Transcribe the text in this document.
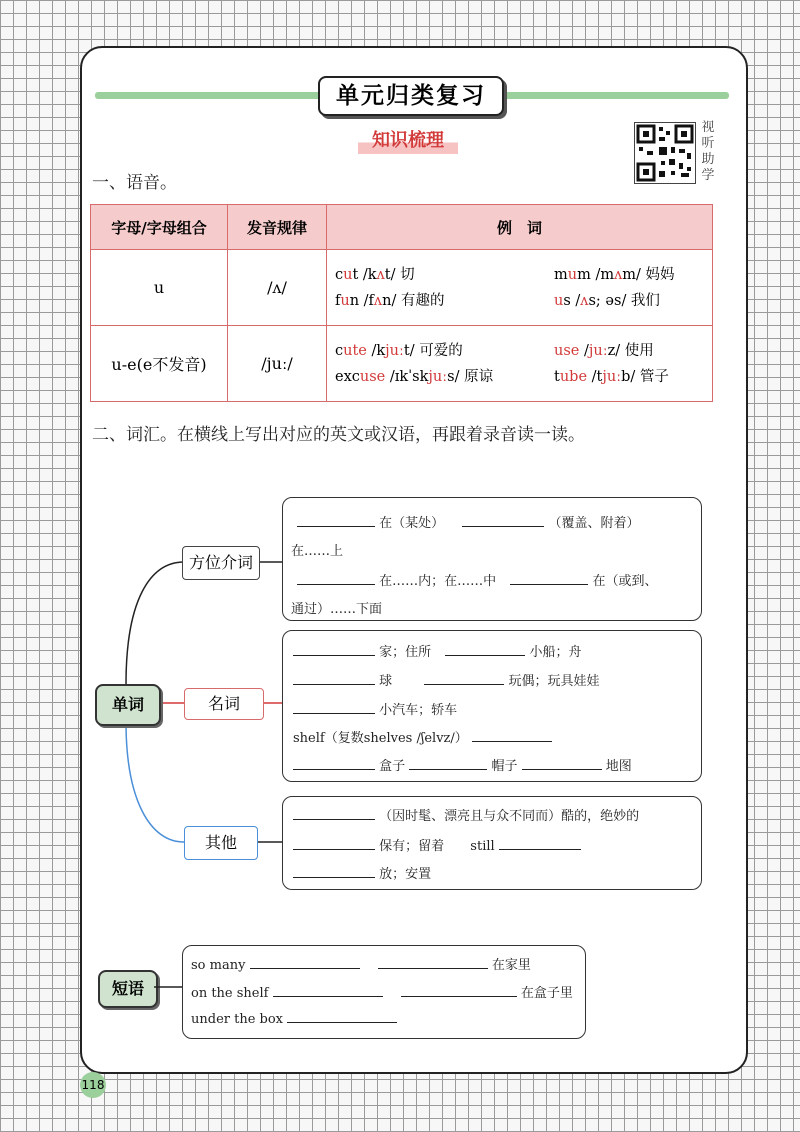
单元归类复习
知识梳理
视
听
助
学
一、语音。
字母/字母组合	发音规律	例　词
u	/ʌ/	cut /kʌt/ 切 mum /mʌm/ 妈妈
fun /fʌn/ 有趣的 us /ʌs; əs/ 我们

u-e(e不发音)	/juː/	cute /kjuːt/ 可爱的 use /juːz/ 使用
excuse /ɪkˈskjuːs/ 原谅 tube /tjuːb/ 管子
二、词汇。在横线上写出对应的英文或汉语，再跟着录音读一读。
单词
方位介词
名词
其他
在（某处）	（覆盖、附着）
在……上
在……内；在……中	在（或到、
通过）……下面
家；住所	小船；舟
球	玩偶；玩具娃娃
小汽车；轿车
shelf（复数shelves /ʃelvz/）
盒子	帽子	地图
（因时髦、漂亮且与众不同而）酷的，绝妙的
保有；留着 still
放；安置
短语
so many	在家里
on the shelf	在盒子里
under the box
118
